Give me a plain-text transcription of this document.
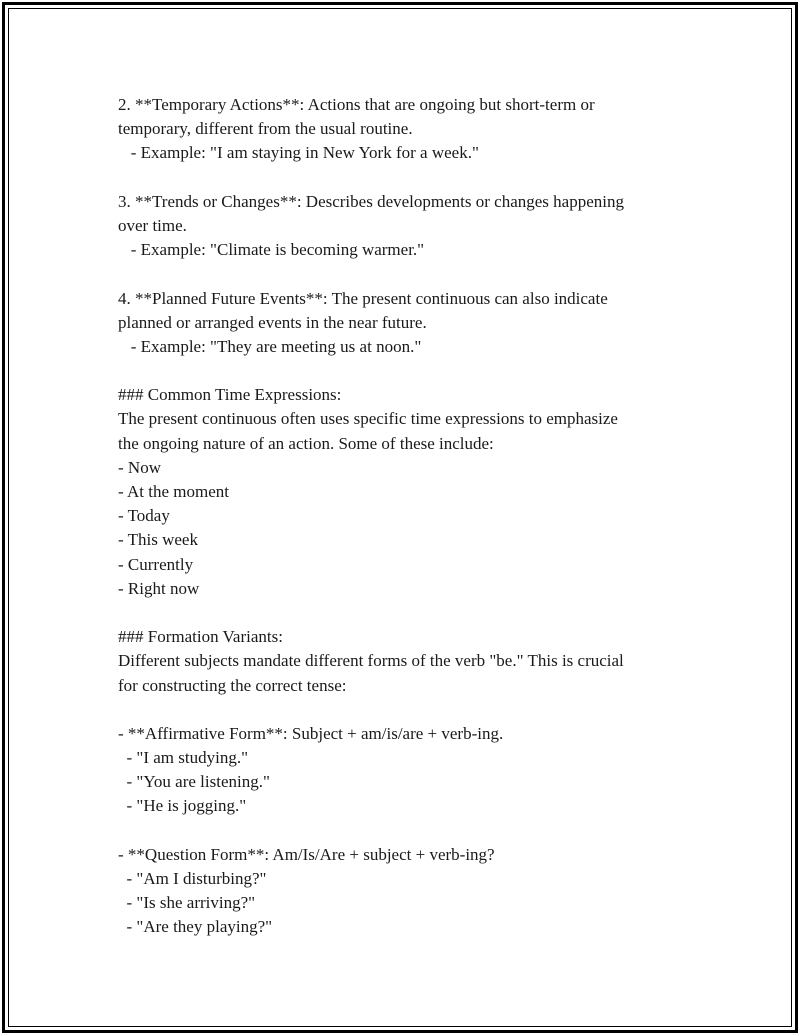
2. **Temporary Actions**: Actions that are ongoing but short-term or
temporary, different from the usual routine.
- Example: "I am staying in New York for a week."
3. **Trends or Changes**: Describes developments or changes happening
over time.
- Example: "Climate is becoming warmer."
4. **Planned Future Events**: The present continuous can also indicate
planned or arranged events in the near future.
- Example: "They are meeting us at noon."
### Common Time Expressions:
The present continuous often uses specific time expressions to emphasize
the ongoing nature of an action. Some of these include:
- Now
- At the moment
- Today
- This week
- Currently
- Right now
### Formation Variants:
Different subjects mandate different forms of the verb "be." This is crucial
for constructing the correct tense:
- **Affirmative Form**: Subject + am/is/are + verb-ing.
- "I am studying."
- "You are listening."
- "He is jogging."
- **Question Form**: Am/Is/Are + subject + verb-ing?
- "Am I disturbing?"
- "Is she arriving?"
- "Are they playing?"
